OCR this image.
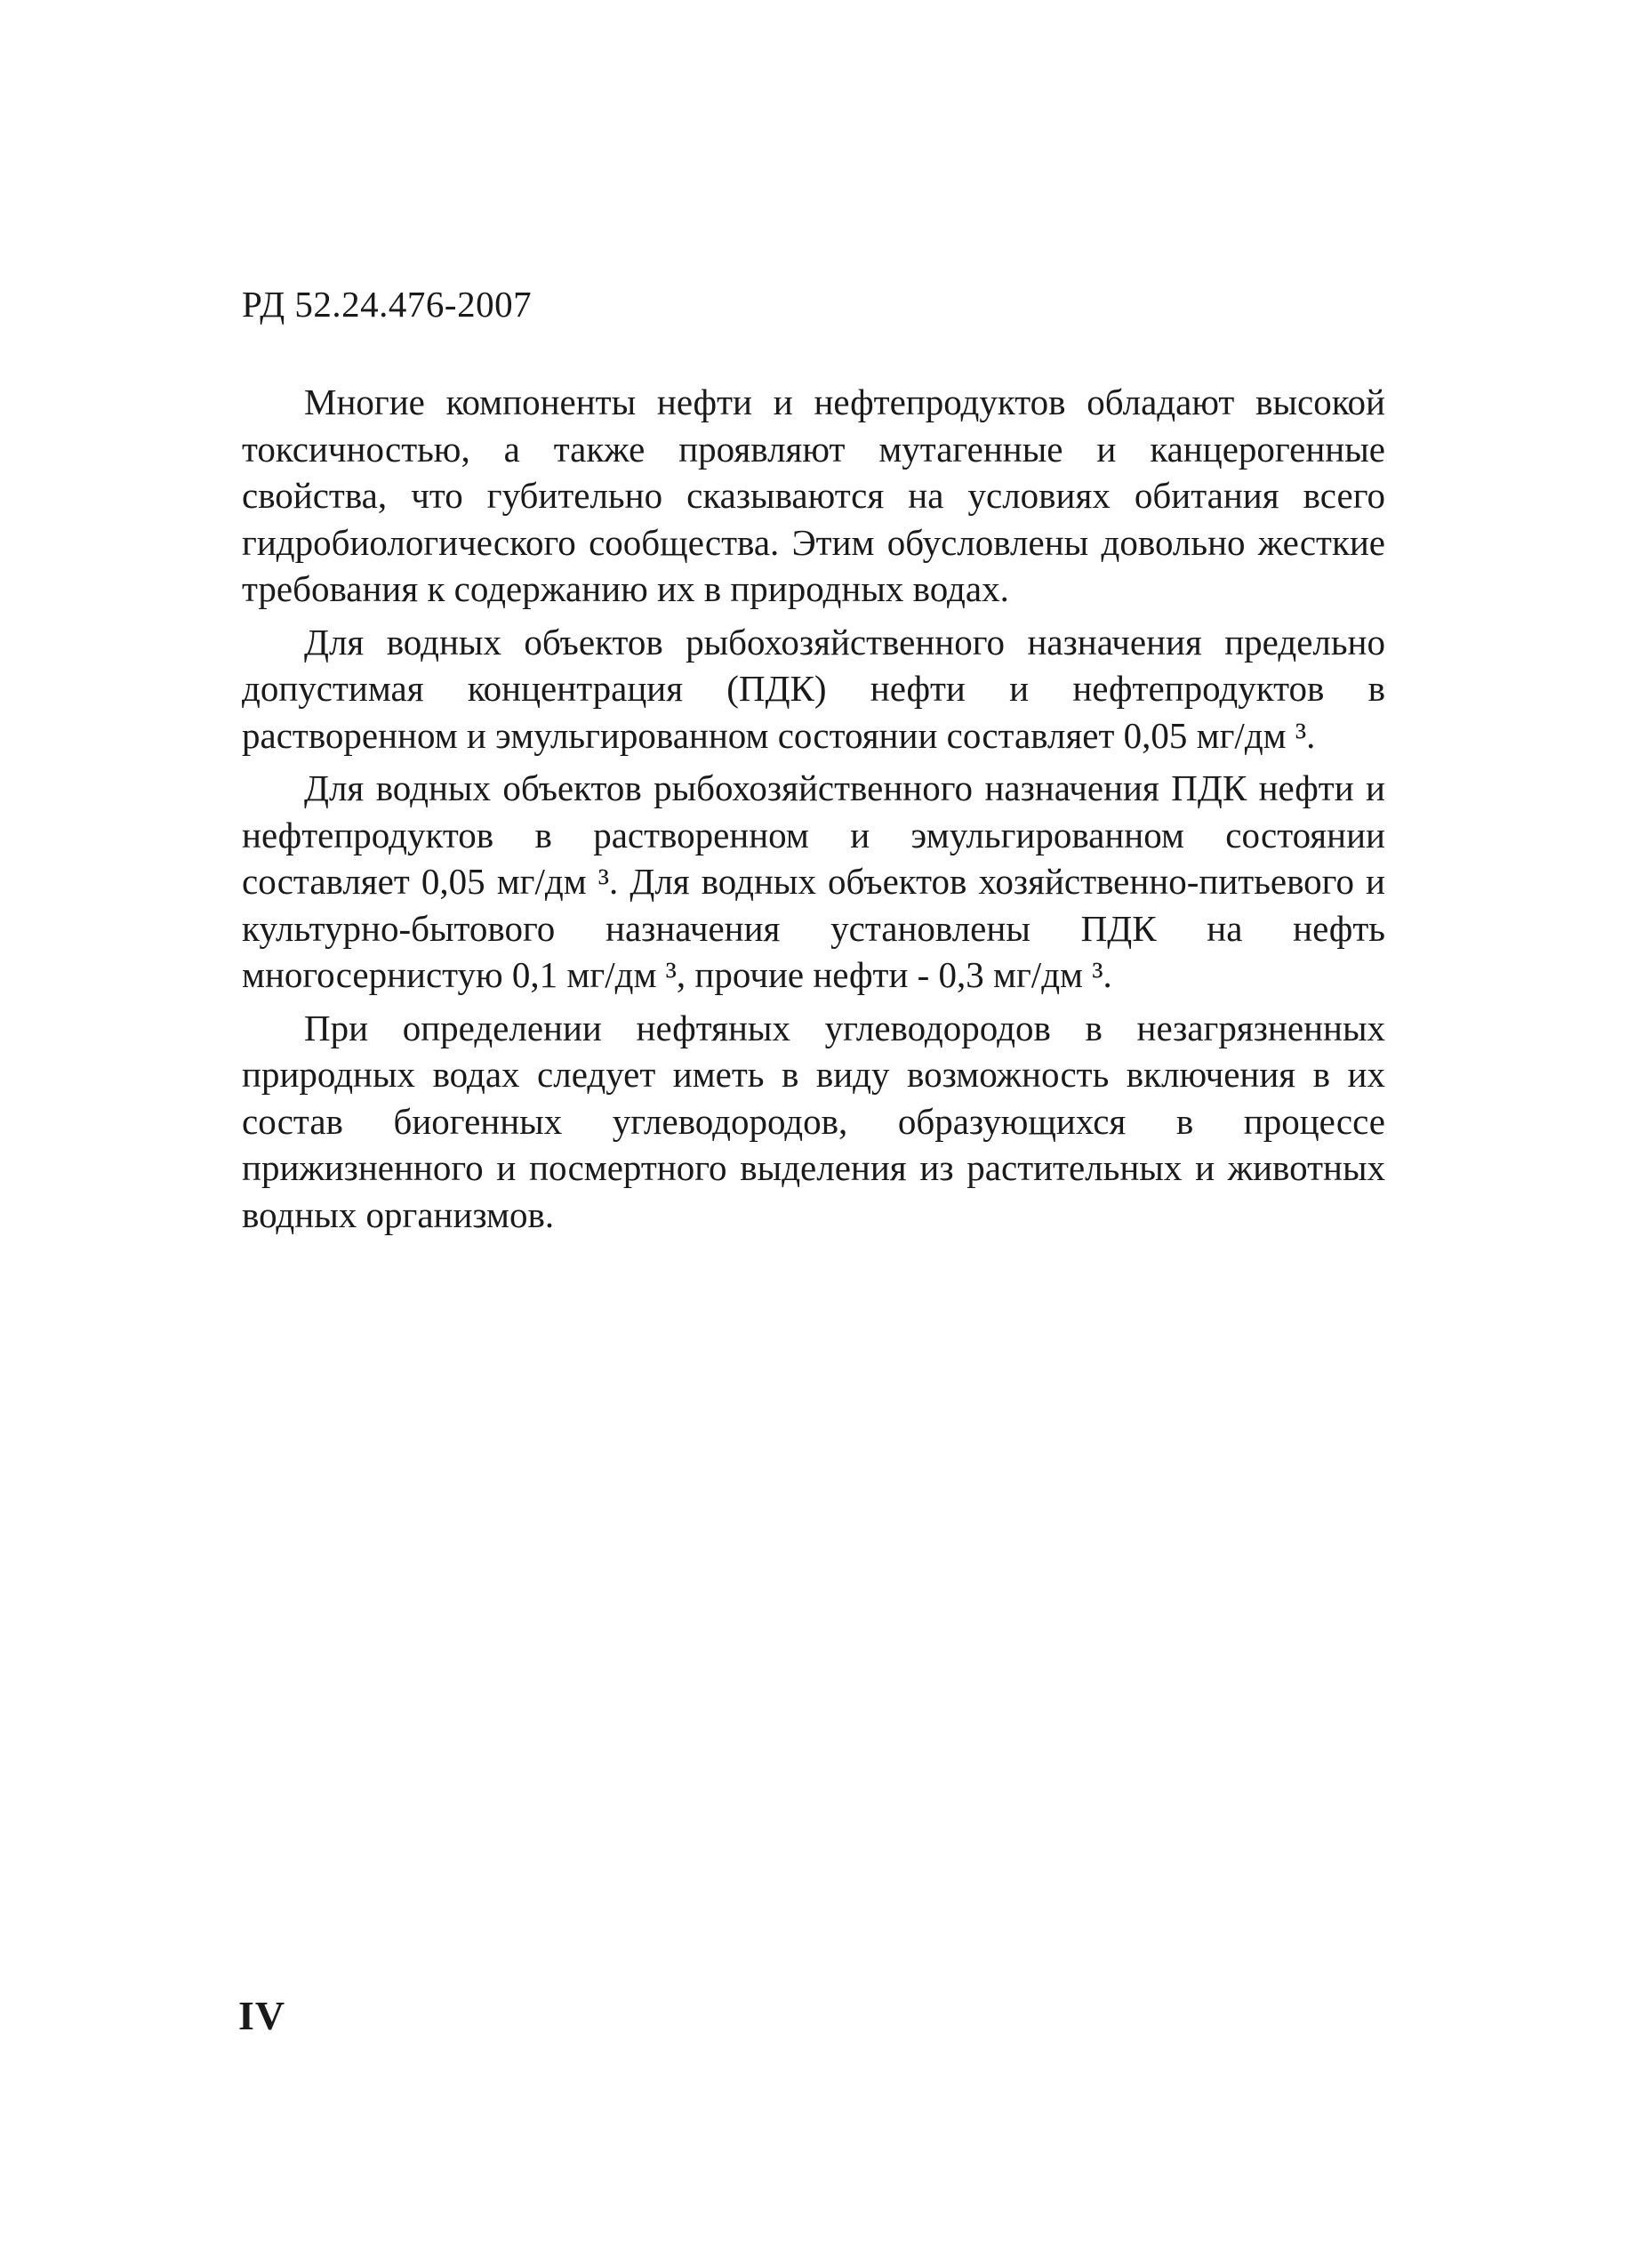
РД 52.24.476-2007

Многие компоненты нефти и нефтепродуктов обладают высокой токсичностью, а также проявляют мутагенные и канцерогенные свойства, что губительно сказываются на условиях обитания всего гидробиологического сообщества. Этим обусловлены довольно жесткие требования к содержанию их в природных водах.

Для водных объектов рыбохозяйственного назначения предельно допустимая концентрация (ПДК) нефти и нефтепродуктов в растворенном и эмульгированном состоянии составляет 0,05 мг/дм ³.

Для водных объектов рыбохозяйственного назначения ПДК нефти и нефтепродуктов в растворенном и эмульгированном состоянии составляет 0,05 мг/дм ³. Для водных объектов хозяйственно-питьевого и культурно-бытового назначения установлены ПДК на нефть многосернистую 0,1 мг/дм ³, прочие нефти - 0,3 мг/дм ³.

При определении нефтяных углеводородов в незагрязненных природных водах следует иметь в виду возможность включения в их состав биогенных углеводородов, образующихся в процессе прижизненного и посмертного выделения из растительных и животных водных организмов.

IV
